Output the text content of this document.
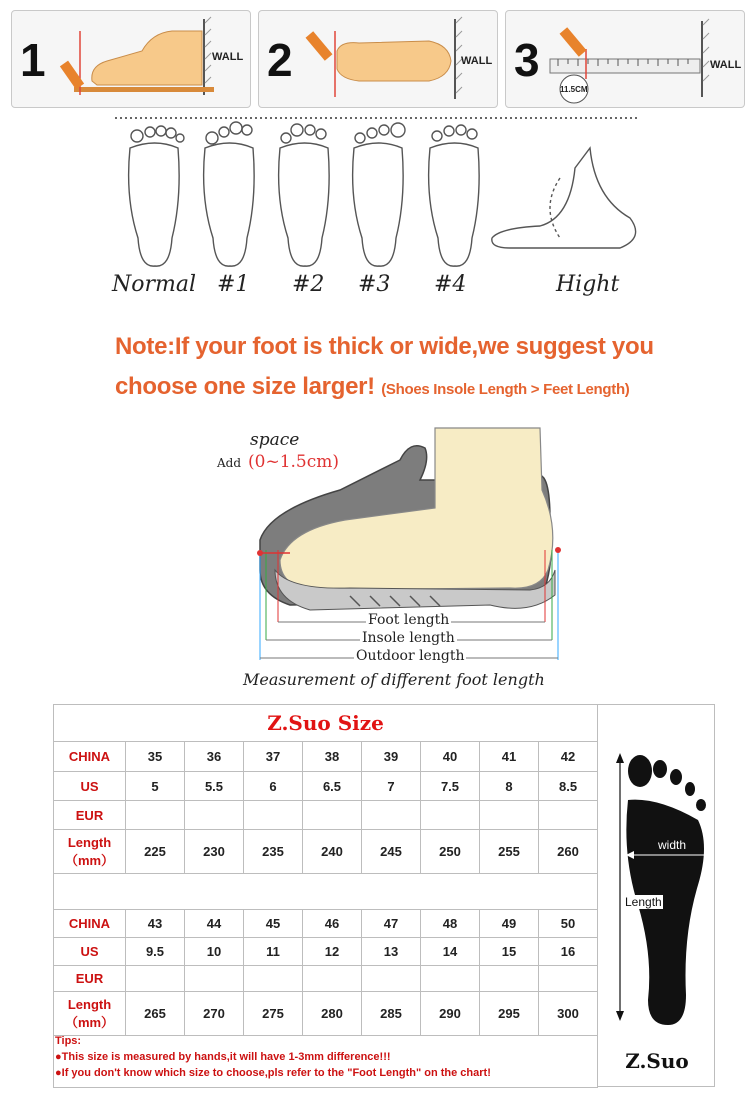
1	WALL 2	WALL 3	WALL
11.5CM
Normal #1 #2 #3 #4	Hight
Note:If your foot is thick or wide,we suggest you
choose one size larger! (Shoes Insole Length > Feet Length)
space
Add (0~1.5cm)
Foot length
Insole length
Outdoor length
Measurement of different foot length
Z.Suo Size								
CHINA	35	36	37	38	39	40	41	42
US	5	5.5	6	6.5	7	7.5	8	8.5
EUR								
Length
（mm）	225	230	235	240	245	250	255	260

CHINA	43	44	45	46	47	48	49	50
US	9.5	10	11	12	13	14	15	16
EUR								
Length
（mm）	265	270	275	280	285	290	295	300

Tips:
●This size is measured by hands,it will have 1-3mm difference!!!
●If you don't know which size to choose,pls refer to the "Foot Length" on the chart!
width
Length
Z.Suo
